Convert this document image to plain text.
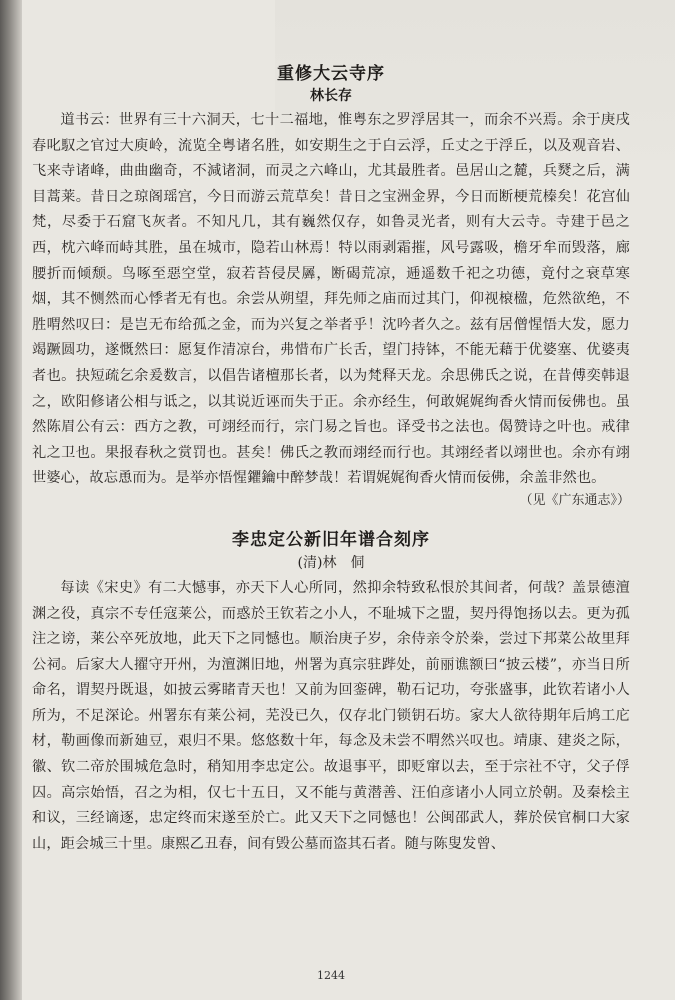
重修大云寺序
林长存

道书云：世界有三十六洞天，七十二福地，惟粤东之罗浮居其一，而余不兴焉。余于庚戌春叱馭之官过大庾岭，流览全粤诸名胜，如安期生之于白云浮，丘丈之于浮丘，以及观音岩、飞来寺诸峰，曲曲幽奇，不減诸洞，而灵之六峰山，尤其最胜者。邑居山之麓，兵燹之后，满目蒿莱。昔日之琼阁瑶宫，今日而游云荒草矣！昔日之宝洲金界，今日而断梗荒榛矣！花宫仙梵，尽委于石窟飞灰者。不知凡几，其有巍然仅存，如鲁灵光者，则有大云寺。寺建于邑之西，枕六峰而峙其胜，虽在城市，隐若山林焉！特以雨剥霜摧，风号露吸，檐牙牟而毁落，廊腰折而倾颓。鸟啄至惡空堂，寂若苔侵昃羼，断碣荒凉，逓遥数千祀之功德，竟付之衰草寒烟，其不恻然而心悸者无有也。余尝从朔望，拜先师之庙而过其门，仰视榱楹，危然欲绝，不胜喟然叹曰：是岂无布给孤之金，而为兴复之举者乎！沈吟者久之。兹有居僧惺悟大发，愿力竭蹶圆功，遂慨然曰：愿复作清凉台，弗惜布广长舌，望门持钵，不能无藉于优婆塞、优婆夷者也。抉短疏乞余爰数言，以倡告诸檀那长者，以为梵释天龙。余思佛氏之说，在昔傅奕韩退之，欧阳修诸公相与诋之，以其说近诬而失于正。余亦经生，何敢娓娓绚香火情而佞佛也。虽然陈眉公有云：西方之教，可翊经而行，宗门易之旨也。译受书之法也。偈赞诗之叶也。戒律礼之卫也。果报春秋之赏罚也。甚矣！佛氏之教而翊经而行也。其翊经者以翊世也。余亦有翊世婆心，故忘恿而为。是举亦悟惺鑺鑰中醉梦哉！若谓娓娓徇香火情而佞佛，余盖非然也。

（见《广东通志》）
李忠定公新旧年谱合刻序
(清)林　侗

每读《宋史》有二大憾事，亦天下人心所同，然抑余特致私恨於其间者，何哉？盖景德澶渊之役，真宗不专任寇莱公，而惑於王钦若之小人，不耻城下之盟，契丹得饱扬以去。更为孤注之谤，莱公卒死放地，此天下之同憾也。顺治庚子岁，余侍亲令於桊，尝过下邦菜公故里拜公祠。后家大人擢守开州，为澶渊旧地，州署为真宗驻跸处，前丽谯额曰“披云楼”，亦当日所命名，谓契丹既退，如披云雾睹青天也！又前为回銮碑，勒石记功，夸张盛事，此钦若诸小人所为，不足深论。州署东有莱公祠，芜没已久，仅存北门锁钥石坊。家大人欲待期年后鸠工庀材，勒画像而新廸豆，艰归不果。悠悠数十年，每念及未尝不喟然兴叹也。靖康、建炎之际，徽、钦二帝於围城危急时，稍知用李忠定公。故退事平，即贬窜以去，至于宗社不守，父子俘囚。高宗始悟，召之为相，仅七十五日，又不能与黄潜善、汪伯彦诸小人同立於朝。及秦桧主和议，三经谪逐，忠定终而宋遂至於亡。此又天下之同憾也！公闽邵武人，葬於侯官桐口大家山，距会城三十里。康熙乙丑春，间有毁公墓而盗其石者。随与陈叟发曾、

1244
